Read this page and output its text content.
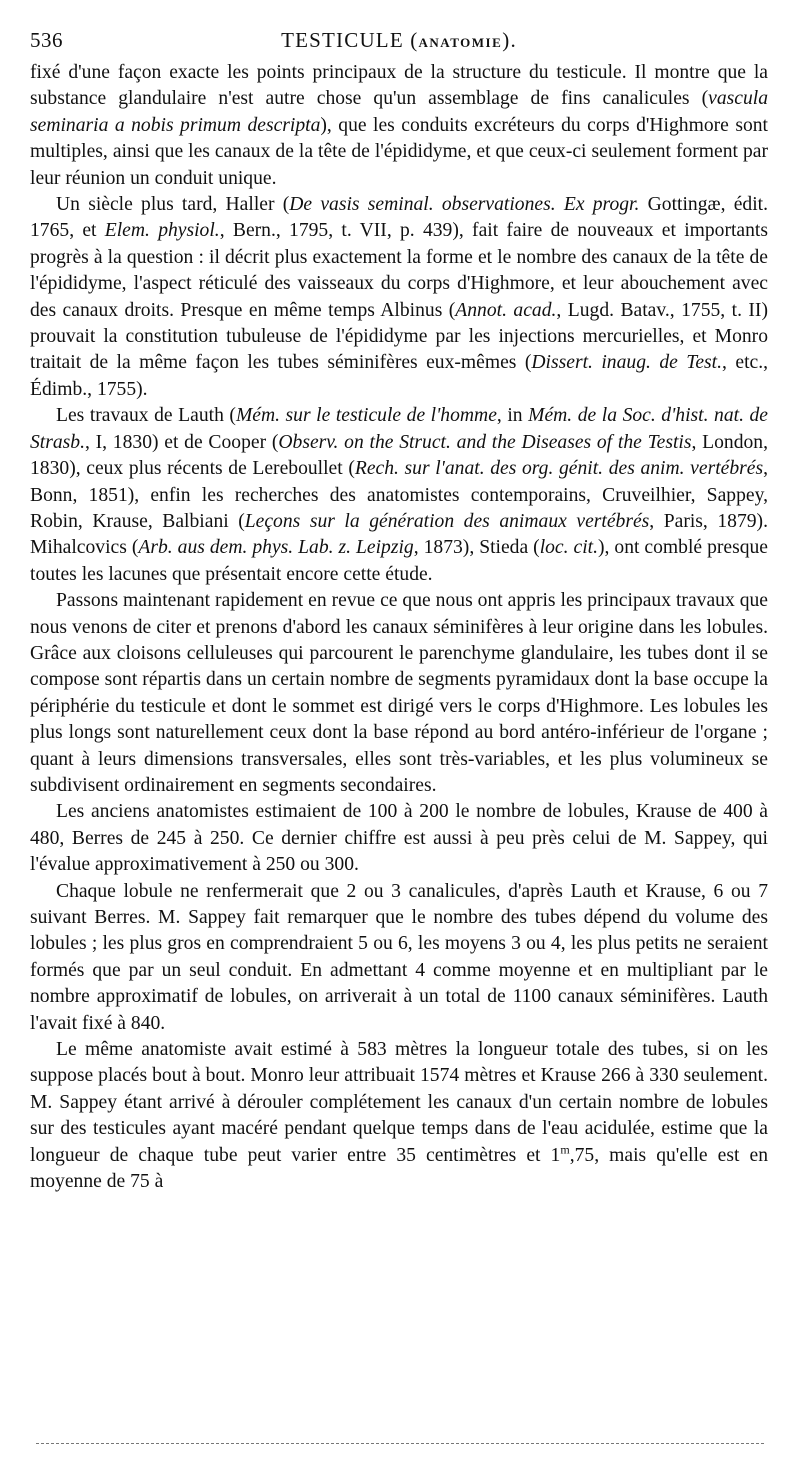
536	TESTICULE (ANATOMIE).

fixé d'une façon exacte les points principaux de la structure du testicule. Il montre que la substance glandulaire n'est autre chose qu'un assemblage de fins canalicules (vascula seminaria a nobis primum descripta), que les conduits excréteurs du corps d'Highmore sont multiples, ainsi que les canaux de la tête de l'épididyme, et que ceux-ci seulement forment par leur réunion un conduit unique.

Un siècle plus tard, Haller (De vasis seminal. observationes. Ex progr. Gottingæ, édit. 1765, et Elem. physiol., Bern., 1795, t. VII, p. 439), fait faire de nouveaux et importants progrès à la question : il décrit plus exactement la forme et le nombre des canaux de la tête de l'épididyme, l'aspect réticulé des vaisseaux du corps d'Highmore, et leur abouchement avec des canaux droits. Presque en même temps Albinus (Annot. acad., Lugd. Batav., 1755, t. II) prouvait la constitution tubuleuse de l'épididyme par les injections mercurielles, et Monro traitait de la même façon les tubes séminifères eux-mêmes (Dissert. inaug. de Test., etc., Édimb., 1755).

Les travaux de Lauth (Mém. sur le testicule de l'homme, in Mém. de la Soc. d'hist. nat. de Strasb., I, 1830) et de Cooper (Observ. on the Struct. and the Diseases of the Testis, London, 1830), ceux plus récents de Lereboullet (Rech. sur l'anat. des org. génit. des anim. vertébrés, Bonn, 1851), enfin les recherches des anatomistes contemporains, Cruveilhier, Sappey, Robin, Krause, Balbiani (Leçons sur la génération des animaux vertébrés, Paris, 1879). Mihalcovics (Arb. aus dem. phys. Lab. z. Leipzig, 1873), Stieda (loc. cit.), ont comblé presque toutes les lacunes que présentait encore cette étude.

Passons maintenant rapidement en revue ce que nous ont appris les principaux travaux que nous venons de citer et prenons d'abord les canaux séminifères à leur origine dans les lobules. Grâce aux cloisons celluleuses qui parcourent le parenchyme glandulaire, les tubes dont il se compose sont répartis dans un certain nombre de segments pyramidaux dont la base occupe la périphérie du testicule et dont le sommet est dirigé vers le corps d'Highmore. Les lobules les plus longs sont naturellement ceux dont la base répond au bord antéro-inférieur de l'organe ; quant à leurs dimensions transversales, elles sont très-variables, et les plus volumineux se subdivisent ordinairement en segments secondaires.

Les anciens anatomistes estimaient de 100 à 200 le nombre de lobules, Krause de 400 à 480, Berres de 245 à 250. Ce dernier chiffre est aussi à peu près celui de M. Sappey, qui l'évalue approximativement à 250 ou 300.

Chaque lobule ne renfermerait que 2 ou 3 canalicules, d'après Lauth et Krause, 6 ou 7 suivant Berres. M. Sappey fait remarquer que le nombre des tubes dépend du volume des lobules ; les plus gros en comprendraient 5 ou 6, les moyens 3 ou 4, les plus petits ne seraient formés que par un seul conduit. En admettant 4 comme moyenne et en multipliant par le nombre approximatif de lobules, on arriverait à un total de 1100 canaux séminifères. Lauth l'avait fixé à 840.

Le même anatomiste avait estimé à 583 mètres la longueur totale des tubes, si on les suppose placés bout à bout. Monro leur attribuait 1574 mètres et Krause 266 à 330 seulement. M. Sappey étant arrivé à dérouler complétement les canaux d'un certain nombre de lobules sur des testicules ayant macéré pendant quelque temps dans de l'eau acidulée, estime que la longueur de chaque tube peut varier entre 35 centimètres et 1$^m$,75, mais qu'elle est en moyenne de 75 à
